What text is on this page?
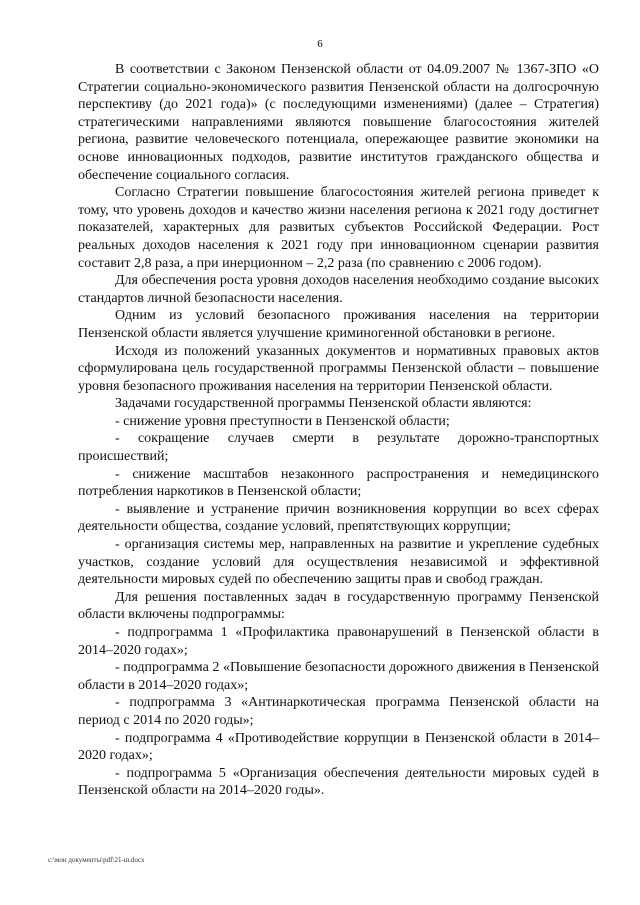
6

В соответствии с Законом Пензенской области от 04.09.2007 № 1367-ЗПО «О Стратегии социально-экономического развития Пензенской области на долгосрочную перспективу (до 2021 года)» (с последующими изменениями) (далее – Стратегия) стратегическими направлениями являются повышение благосостояния жителей региона, развитие человеческого потенциала, опережающее развитие экономики на основе инновационных подходов, развитие институтов гражданского общества и обеспечение социального согласия.

Согласно Стратегии повышение благосостояния жителей региона приведет к тому, что уровень доходов и качество жизни населения региона к 2021 году достигнет показателей, характерных для развитых субъектов Российской Федерации. Рост реальных доходов населения к 2021 году при инновационном сценарии развития составит 2,8 раза, а при инерционном – 2,2 раза (по сравнению с 2006 годом).

Для обеспечения роста уровня доходов населения необходимо создание высоких стандартов личной безопасности населения.

Одним из условий безопасного проживания населения на территории Пензенской области является улучшение криминогенной обстановки в регионе.

Исходя из положений указанных документов и нормативных правовых актов сформулирована цель государственной программы Пензенской области – повышение уровня безопасного проживания населения на территории Пензенской области.

Задачами государственной программы Пензенской области являются:

- снижение уровня преступности в Пензенской области;

- сокращение случаев смерти в результате дорожно-транспортных происшествий;

- снижение масштабов незаконного распространения и немедицинского потребления наркотиков в Пензенской области;

- выявление и устранение причин возникновения коррупции во всех сферах деятельности общества, создание условий, препятствующих коррупции;

- организация системы мер, направленных на развитие и укрепление судебных участков, создание условий для осуществления независимой и эффективной деятельности мировых судей по обеспечению защиты прав и свобод граждан.

Для решения поставленных задач в государственную программу Пензенской области включены подпрограммы:

- подпрограмма 1 «Профилактика правонарушений в Пензенской области в 2014–2020 годах»;

- подпрограмма 2 «Повышение безопасности дорожного движения в Пензенской области в 2014–2020 годах»;

- подпрограмма 3 «Антинаркотическая программа Пензенской области на период с 2014 по 2020 годы»;

- подпрограмма 4 «Противодействие коррупции в Пензенской области в 2014–2020 годах»;

- подпрограмма 5 «Организация обеспечения деятельности мировых судей в Пензенской области на 2014–2020 годы».

c:\мои документы\pdf\21-ш.docx
